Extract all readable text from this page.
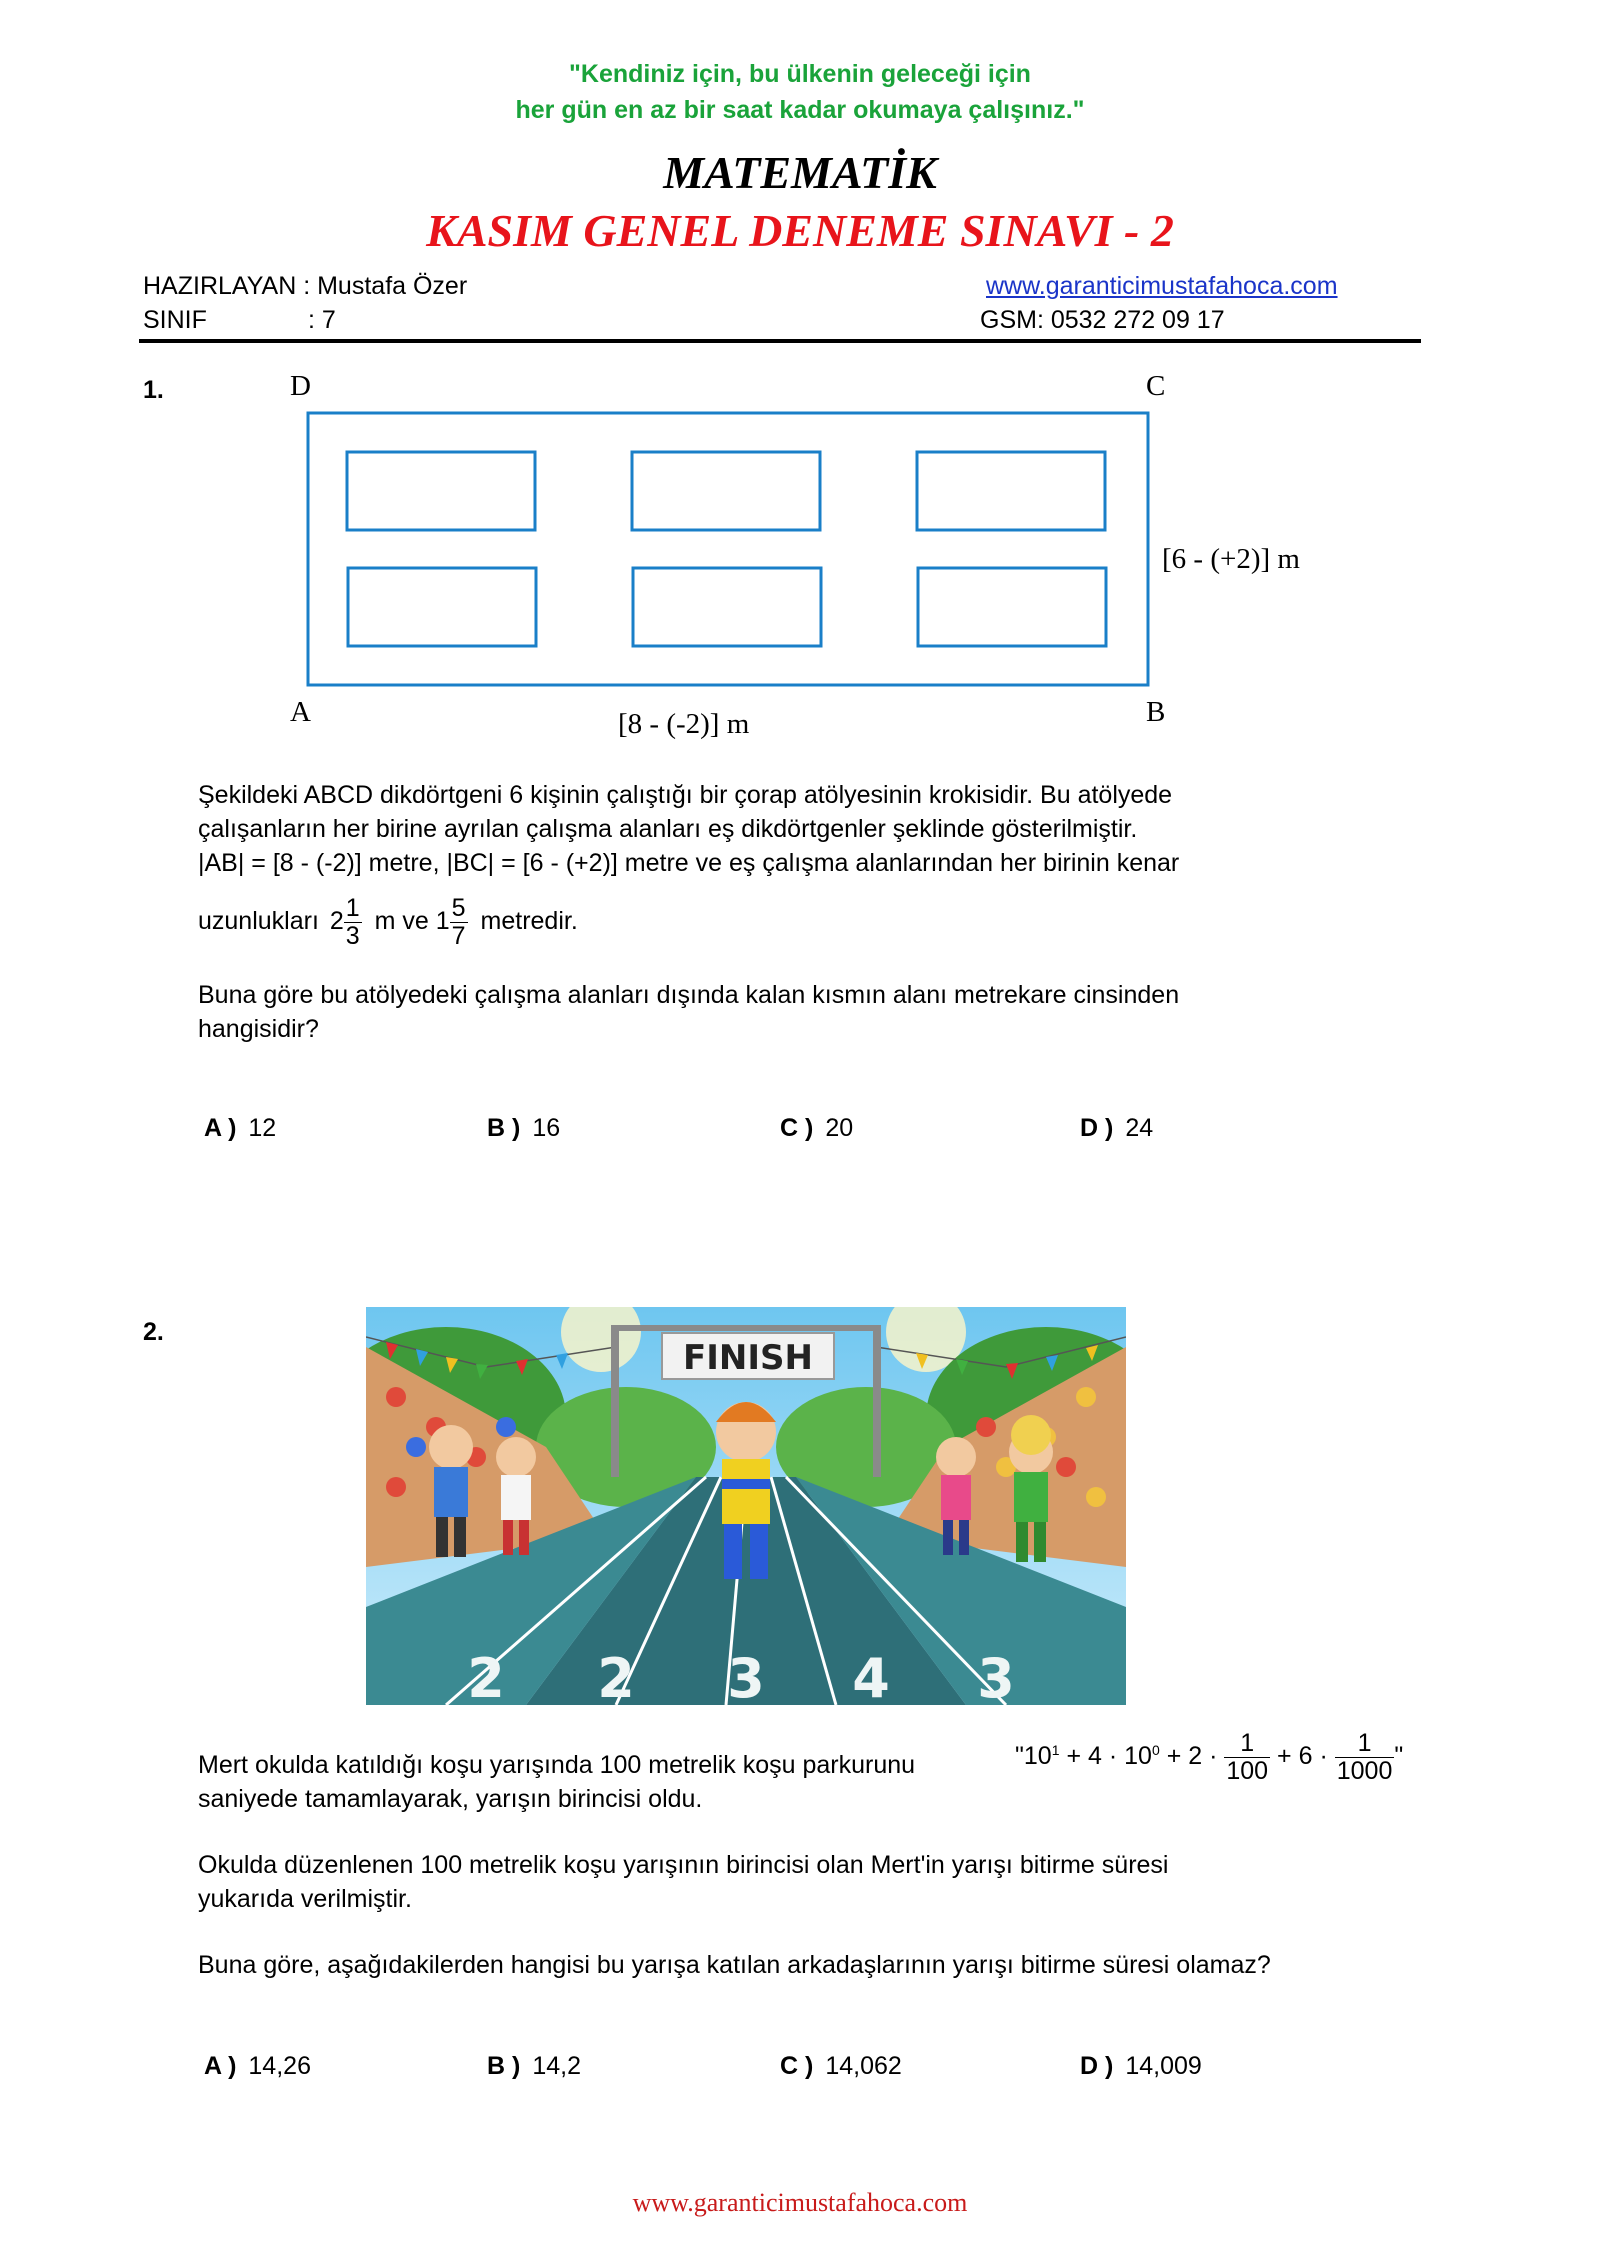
"Kendiniz için, bu ülkenin geleceği için
her gün en az bir saat kadar okumaya çalışınız."
MATEMATİK
KASIM GENEL DENEME SINAVI - 2
HAZIRLAYAN : Mustafa Özer
SINIF	: 7
www.garanticimustafahoca.com
GSM: 0532 272 09 17
1.	D	C
A	B
[6 - (+2)] m
[8 - (-2)] m
Şekildeki ABCD dikdörtgeni 6 kişinin çalıştığı bir çorap atölyesinin krokisidir. Bu atölyede
çalışanların her birine ayrılan çalışma alanları eş dikdörtgenler şeklinde gösterilmiştir.
|AB| = [8 - (-2)] metre, |BC| = [6 - (+2)] metre ve eş çalışma alanlarından her birinin kenar
uzunlukları $2 \frac{1}{3}$ m ve $1 \frac{5}{7}$ metredir.
Buna göre bu atölyedeki çalışma alanları dışında kalan kısmın alanı metrekare cinsinden
hangisidir?
A ) 12	B ) 16	C ) 20	D ) 24
2.
FINISH
2 2 3 4 3
Mert okulda katıldığı koşu yarışında 100 metrelik koşu parkurunu
saniyede tamamlayarak, yarışın birincisi oldu.
"$10^1 + 4 \cdot 10^0 + 2 \cdot \frac{1}{100} + 6 \cdot \frac{1}{1000}$ "
Okulda düzenlenen 100 metrelik koşu yarışının birincisi olan Mert'in yarışı bitirme süresi
yukarıda verilmiştir.
Buna göre, aşağıdakilerden hangisi bu yarışa katılan arkadaşlarının yarışı bitirme süresi olamaz?
A ) 14,26	B ) 14,2	C ) 14,062	D ) 14,009
www.garanticimustafahoca.com
